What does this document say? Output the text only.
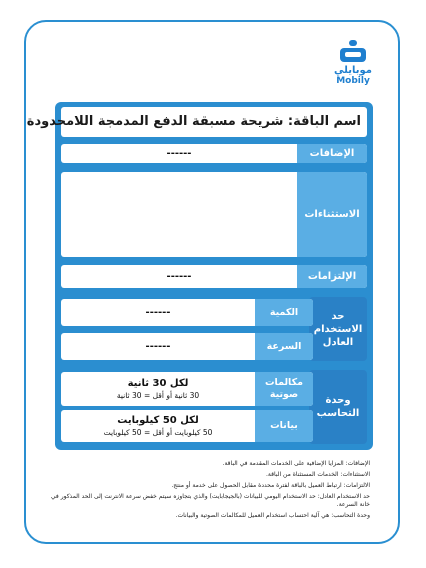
موبايلي
Mobily
اسم الباقة: شريحة مسبقة الدفع المدمجة اللامحدودة
الإضافات
------
الاستثناءات
الإلتزامات
------
حد الاستخدام العادل
الكمية
------
السرعة
------
وحدة التحاسب
مكالمات صوتية
لكل 30 ثانية
30 ثانية أو أقل = 30 ثانية
بيانات
لكل 50 كيلوبايت
50 كيلوبايت أو أقل = 50 كيلوبايت

الإضافات: المزايا الإضافية على الخدمات المقدمة في الباقة.

الاستثناءات: الخدمات المستثناة من الباقة.

الالتزامات: ارتباط العميل بالباقة لفترة محددة مقابل الحصول على خدمة أو منتج.

حد الاستخدام العادل: حد الاستخدام اليومي للبيانات (بالجيجابايت) والذي بتجاوزه سيتم خفض سرعة الانترنت إلى الحد المذكور في خانة السرعة.

وحدة التحاسب: هي آلية احتساب استخدام العميل للمكالمات الصوتية والبيانات.
